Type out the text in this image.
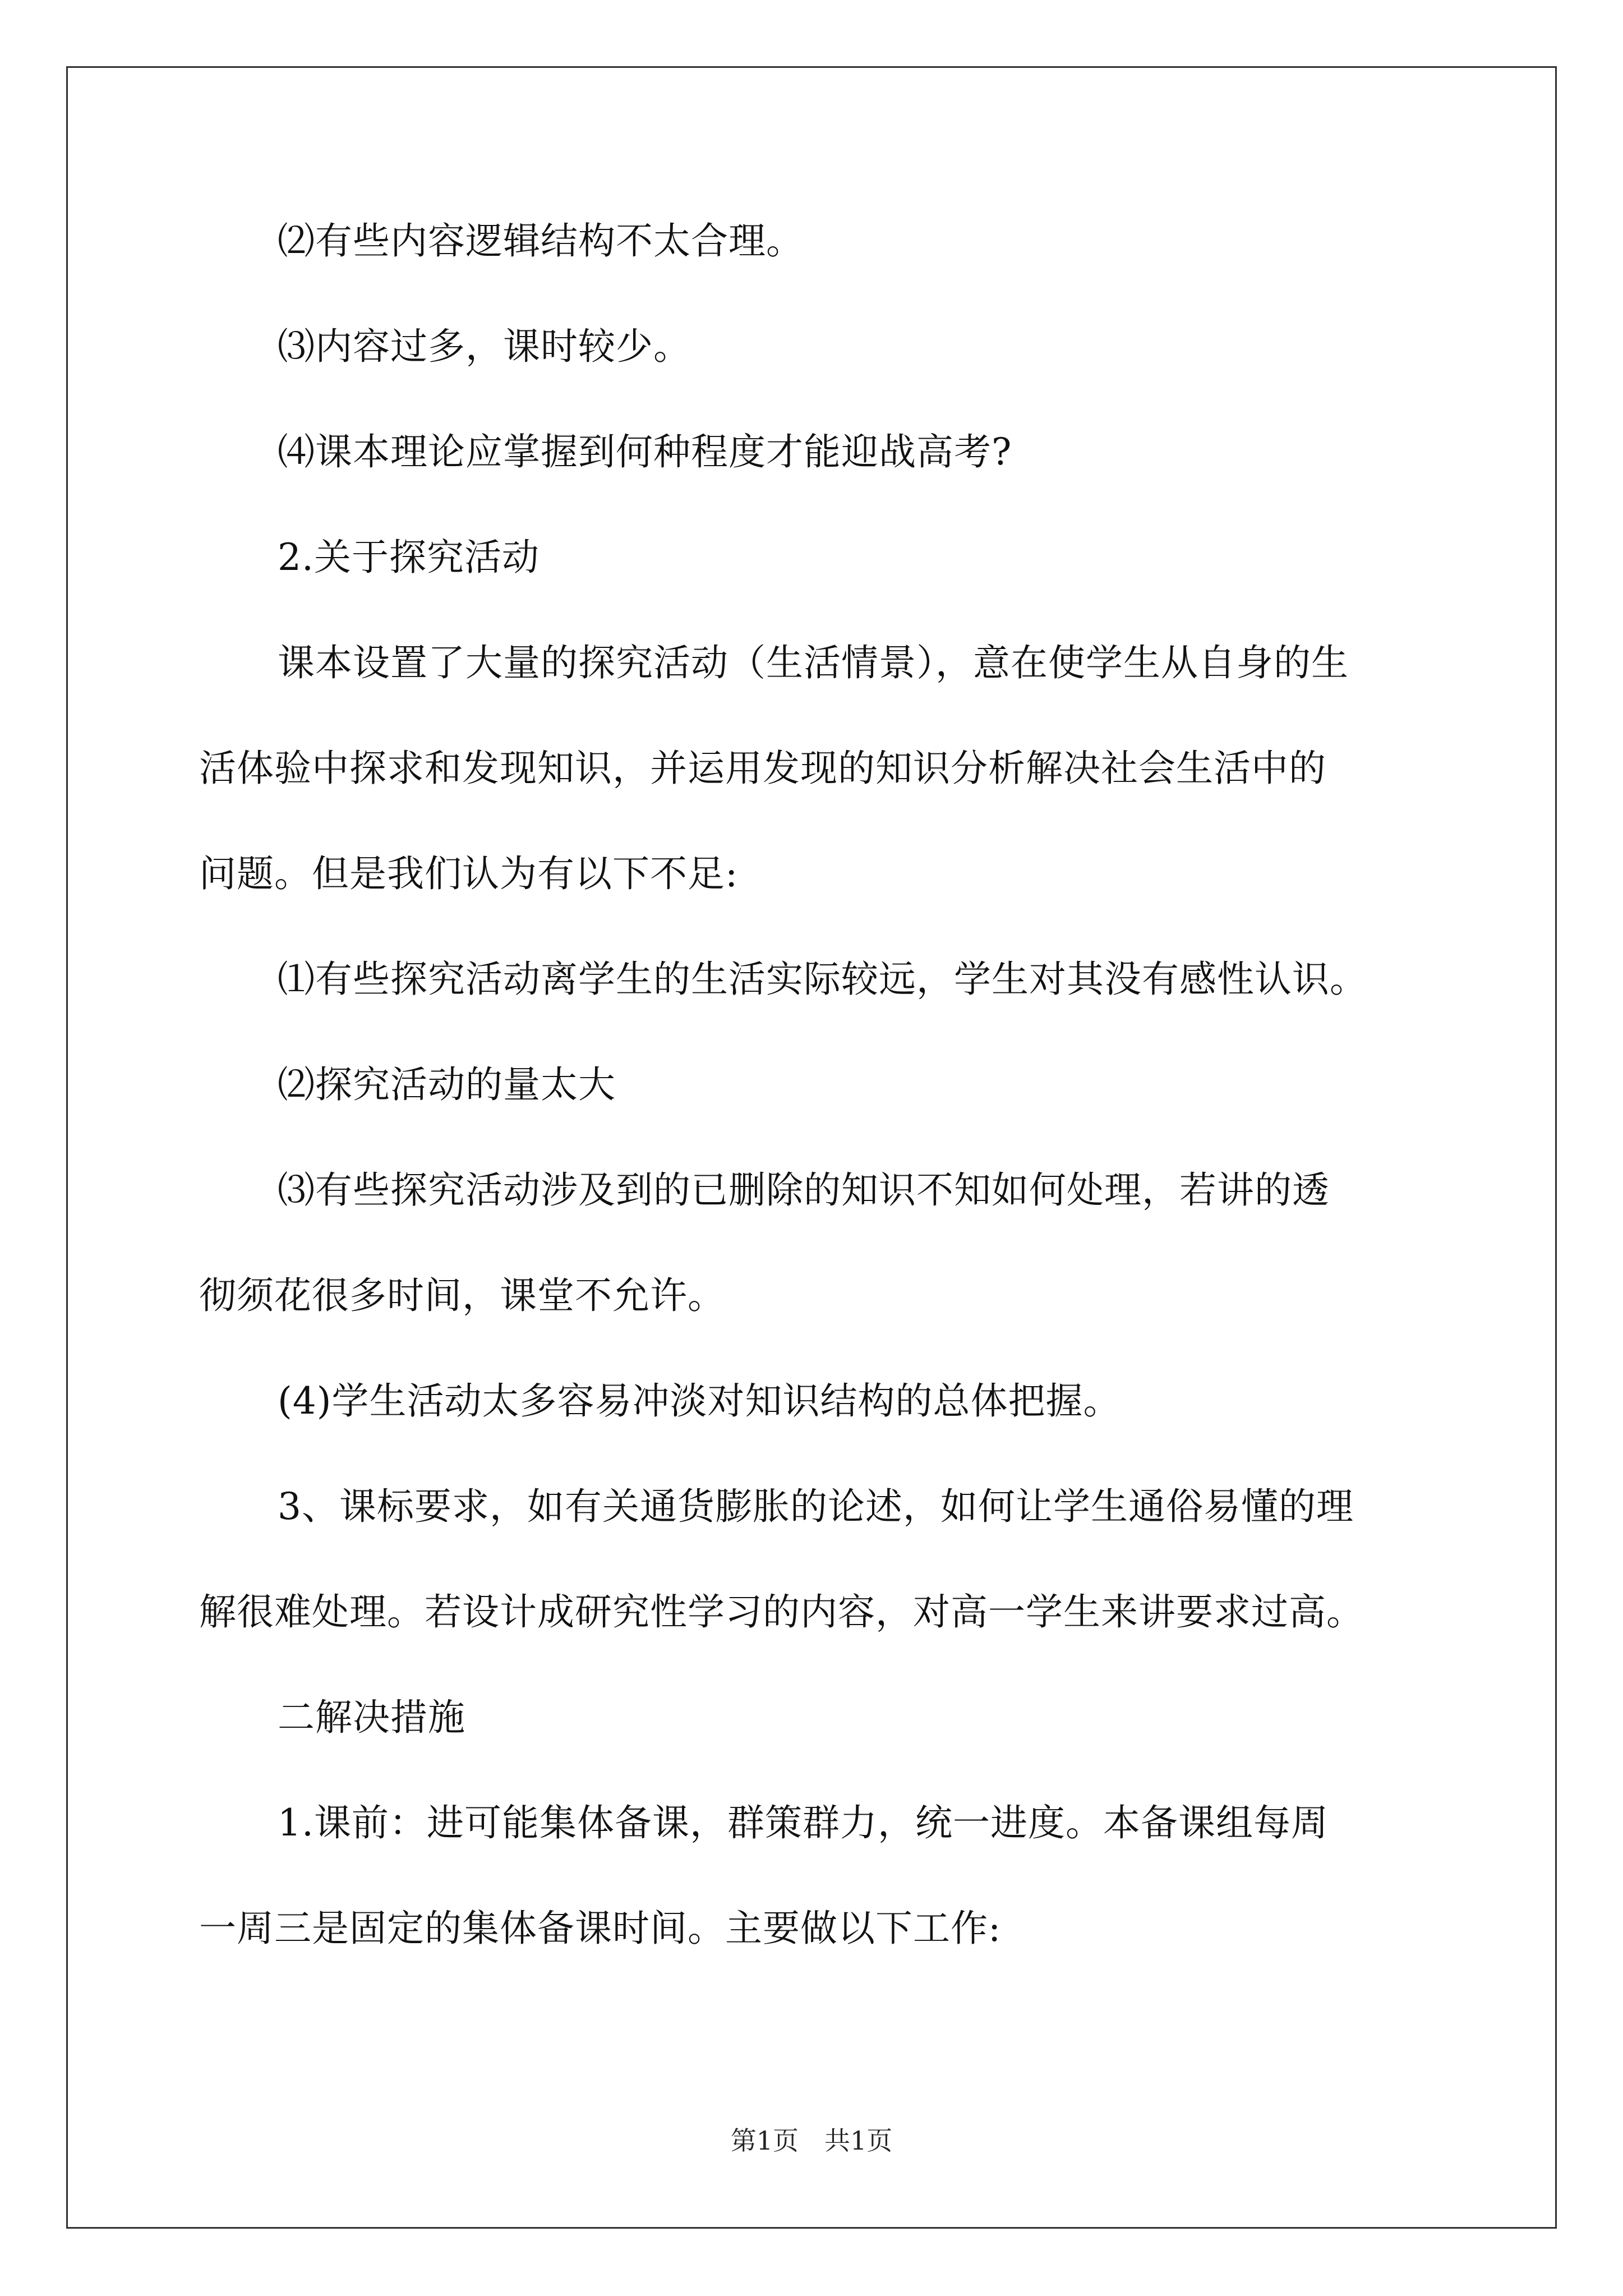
⑵有些内容逻辑结构不太合理。
⑶内容过多，课时较少。
⑷课本理论应掌握到何种程度才能迎战高考?
2.关于探究活动
课本设置了大量的探究活动（生活情景），意在使学生从自身的生
活体验中探求和发现知识，并运用发现的知识分析解决社会生活中的
问题。但是我们认为有以下不足:
⑴有些探究活动离学生的生活实际较远，学生对其没有感性认识。
⑵探究活动的量太大
⑶有些探究活动涉及到的已删除的知识不知如何处理，若讲的透
彻须花很多时间，课堂不允许。
(4)学生活动太多容易冲淡对知识结构的总体把握。
3、课标要求，如有关通货膨胀的论述，如何让学生通俗易懂的理
解很难处理。若设计成研究性学习的内容，对高一学生来讲要求过高。
二解决措施
1.课前：进可能集体备课，群策群力，统一进度。本备课组每周
一周三是固定的集体备课时间。主要做以下工作:
第1页 共1页
